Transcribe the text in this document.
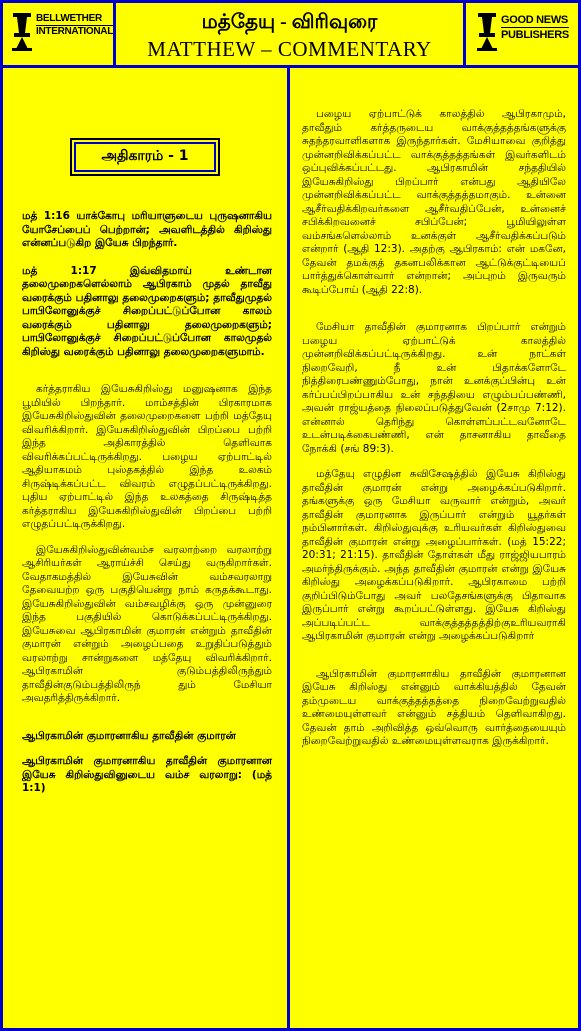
BELLWETHER
INTERNATIONAL	மத்தேயு - விரிவுரை
MATTHEW – COMMENTARY
GOOD NEWS
PUBLISHERS
அதிகாரம் - 1

மத் 1:16 யாக்கோபு மரியாளுடைய புருஷனாகிய யோசேப்பைப் பெற்றான்; அவளிடத்தில் கிறிஸ்து என்னப்படுகிற இயேசு பிறந்தார்.

மத் 1:17 இவ்விதமாய் உண்டான தலைமுறைகளெல்லாம் ஆபிரகாம் முதல் தாவீது வரைக்கும் பதினாலு தலைமுறைகளும்; தாவீதுமுதல் பாபிலோனுக்குச் சிறைப்பட்டுப்போன காலம் வரைக்கும் பதினாலு தலைமுறைகளும்; பாபிலோனுக்குச் சிறைப்பட்டுப்போன காலமுதல் கிறிஸ்து வரைக்கும் பதினாலு தலைமுறைகளுமாம்.

கர்த்தராகிய இயேசுகிறிஸ்து மனுஷனாக இந்த பூமியில் பிறந்தார். மாம்சத்தின் பிரகாரமாக இயேசுகிறிஸ்துவின் தலைமுறைகளை பற்றி மத்தேயு விவரிக்கிறார். இயேசுகிறிஸ்துவின் பிறப்பை பற்றி இந்த அதிகாரத்தில் தெளிவாக விவரிக்கப்பட்டிருக்கிறது. பழைய ஏற்பாட்டில் ஆதியாகமம் புஸ்தகத்தில் இந்த உலகம் சிருஷ்டிக்கப்பட்ட விவரம் எழுதப்பட்டிருக்கிறது. புதிய ஏற்பாட்டில் இந்த உலகத்தை சிருஷ்டித்த கர்த்தராகிய இயேசுகிறிஸ்துவின் பிறப்பை பற்றி எழுதப்பட்டிருக்கிறது.

இயேசுகிறிஸ்துவின்வம்ச வரலாற்றை வரலாற்று ஆசிரியர்கள் ஆராய்ச்சி செய்து வருகிறார்கள். வேதாகமத்தில் இயேசுவின் வம்சவரலாறு தேவையற்ற ஒரு பகுதியென்று நாம் கருதக்கூடாது. இயேசுகிறிஸ்துவின் வம்சவழிக்கு ஒரு முன்னுரை இந்த பகுதியில் கொடுக்கப்பட்டிருக்கிறது. இயேசுவை ஆபிரகாமின் குமாரன் என்றும் தாவீதின் குமாரன் என்றும் அழைப்பதை உறுதிப்படுத்தும் வரலாற்று சான்றுகளை மத்தேயு விவரிக்கிறார். ஆபிரகாமின் குடும்பத்திலிருந்தும் தாவீதின்குடும்பத்திலிருந் தும் மேசியா அவதரித்திருக்கிறார்.

ஆபிரகாமின் குமாரனாகிய தாவீதின் குமாரன்

ஆபிரகாமின் குமாரனாகிய தாவீதின் குமாரனான இயேசு கிறிஸ்துவினுடைய வம்ச வரலாறு: (மத் 1:1)

பழைய ஏற்பாட்டுக் காலத்தில் ஆபிரகாமும், தாவீதும் கர்த்தருடைய வாக்குத்தத்தங்களுக்கு சுதந்தரவாளிகளாக இருந்தார்கள். மேசியாவை குறித்து முன்னறிவிக்கப்பட்ட வாக்குத்தத்தங்கள் இவர்களிடம் ஒப்புவிக்கப்பட்டது. ஆபிரகாமின் சந்ததியில் இயேசுகிறிஸ்து பிறப்பார் என்பது ஆதியிலே முன்னறிவிக்கப்பட்ட வாக்குத்தத்தமாகும். உன்னை ஆசீர்வதிக்கிறவர்களை ஆசீர்வதிப்பேன், உன்னைச் சபிக்கிறவனைச் சபிப்பேன்; பூமியிலுள்ள வம்சங்களெல்லாம் உனக்குள் ஆசீர்வதிக்கப்படும் என்றார் (ஆதி 12:3). அதற்கு ஆபிரகாம்: என் மகனே, தேவன் தமக்குத் தகனபலிக்கான ஆட்டுக்குட்டியைப் பார்த்துக்கொள்வார் என்றான்; அப்புறம் இருவரும் கூடிப்போய் (ஆதி 22:8).

மேசியா தாவீதின் குமாரனாக பிறப்பார் என்றும் பழைய ஏற்பாட்டுக் காலத்தில் முன்னறிவிக்கப்பட்டிருக்கிறது. உன் நாட்கள் நிறைவேறி, நீ உன் பிதாக்களோடே நித்திரைபண்ணும்போது, நான் உனக்குப்பின்பு உன் கர்ப்பப்பிறப்பாகிய உன் சந்ததியை எழும்பப்பண்ணி, அவன் ராஜ்யத்தை நிலைப்படுத்துவேன் (2சாமு 7:12). என்னால் தெரிந்து கொள்ளப்பட்டவனோடே உடன்படிக்கைபண்ணி, என் தாசனாகிய தாவீதை நோக்கி (சங் 89:3).

மத்தேயு எழுதின சுவிசேஷத்தில் இயேசு கிறிஸ்து தாவீதின் குமாரன் என்று அழைக்கப்படுகிறார். தங்களுக்கு ஒரு மேசியா வருவார் என்றும், அவர் தாவீதின் குமாரனாக இருப்பார் என்றும் யூதர்கள் நம்பினார்கள். கிறிஸ்துவுக்கு உரியவர்கள் கிறிஸ்துவை தாவீதின் குமாரன் என்று அழைப்பார்கள். (மத் 15:22; 20:31; 21:15). தாவீதின் தோள்கள் மீது ராஜ்ஜியபாரம் அமர்ந்திருக்கும். அந்த தாவீதின் குமாரன் என்று இயேசு கிறிஸ்து அழைக்கப்படுகிறார். ஆபிரகாமை பற்றி குறிப்பிடும்போது அவர் பலதேசங்களுக்கு பிதாவாக இருப்பார் என்று கூறப்பட்டுள்ளது. இயேசு கிறிஸ்து அப்படிப்பட்ட வாக்குத்தத்தத்திற்குஉரியவராகி ஆபிரகாமின் குமாரன் என்று அழைக்கப்படுகிறார்

ஆபிரகாமின் குமாரனாகிய தாவீதின் குமாரனான இயேசு கிறிஸ்து என்னும் வாக்கியத்தில் தேவன் தம்முடைய வாக்குத்தத்தத்தை நிறைவேற்றுவதில் உண்மையுள்ளவர் என்னும் சத்தியம் தெளிவாகிறது. தேவன் தாம் அறிவித்த ஒவ்வொரு வார்த்தையையும் நிறைவேற்றுவதில் உண்மையுள்ளவராக இருக்கிறார்.
